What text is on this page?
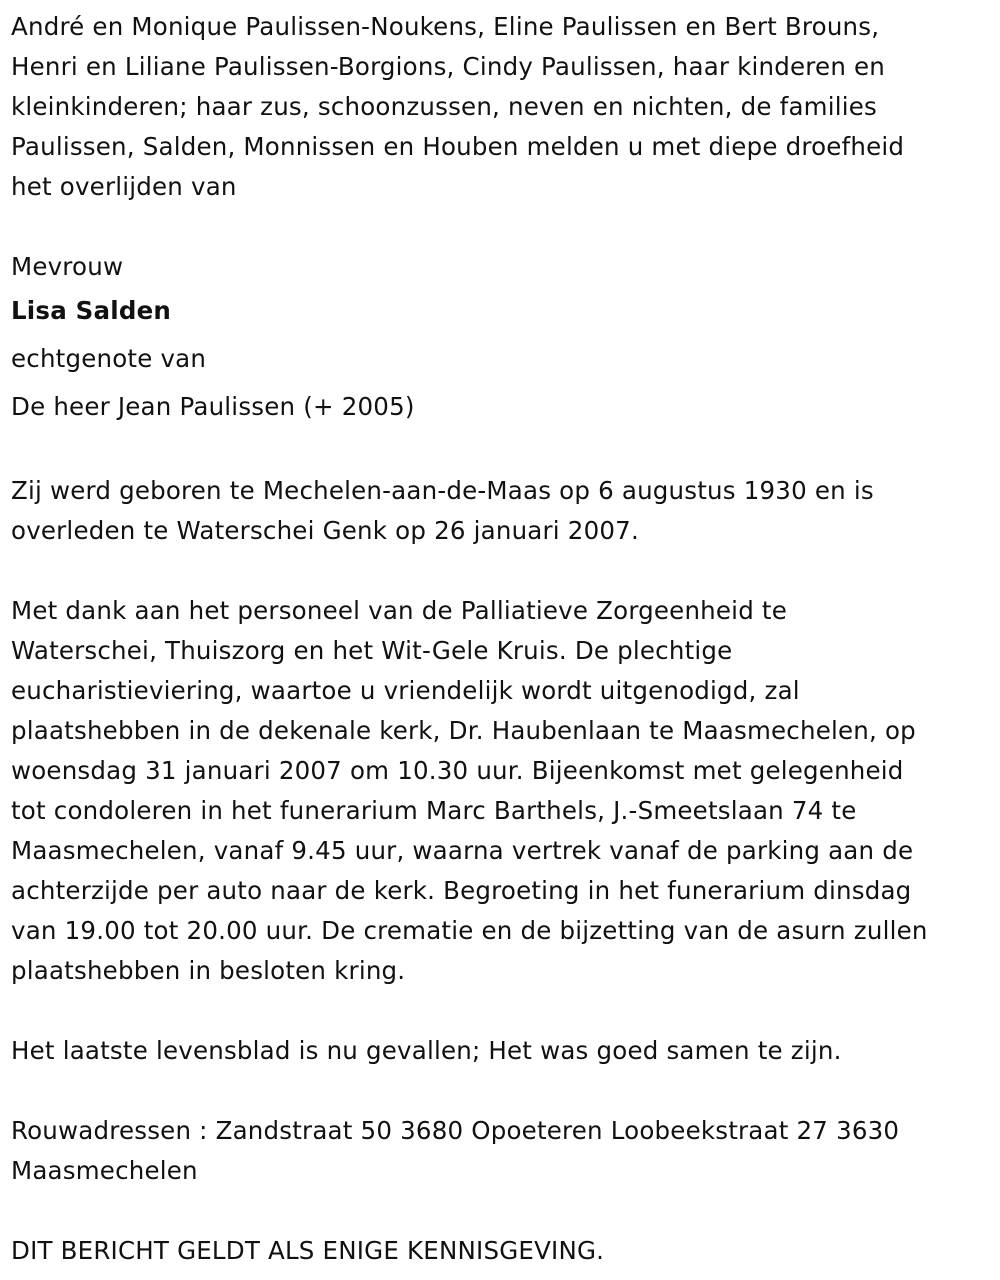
André en Monique Paulissen-Noukens, Eline Paulissen en Bert Brouns,
Henri en Liliane Paulissen-Borgions, Cindy Paulissen, haar kinderen en
kleinkinderen; haar zus, schoonzussen, neven en nichten, de families
Paulissen, Salden, Monnissen en Houben melden u met diepe droefheid
het overlijden van

Mevrouw

Lisa Salden

echtgenote van

De heer Jean Paulissen (+ 2005)

Zij werd geboren te Mechelen-aan-de-Maas op 6 augustus 1930 en is
overleden te Waterschei Genk op 26 januari 2007.

Met dank aan het personeel van de Palliatieve Zorgeenheid te
Waterschei, Thuiszorg en het Wit-Gele Kruis. De plechtige
eucharistieviering, waartoe u vriendelijk wordt uitgenodigd, zal
plaatshebben in de dekenale kerk, Dr. Haubenlaan te Maasmechelen, op
woensdag 31 januari 2007 om 10.30 uur. Bijeenkomst met gelegenheid
tot condoleren in het funerarium Marc Barthels, J.-Smeetslaan 74 te
Maasmechelen, vanaf 9.45 uur, waarna vertrek vanaf de parking aan de
achterzijde per auto naar de kerk. Begroeting in het funerarium dinsdag
van 19.00 tot 20.00 uur. De crematie en de bijzetting van de asurn zullen
plaatshebben in besloten kring.

Het laatste levensblad is nu gevallen; Het was goed samen te zijn.

Rouwadressen : Zandstraat 50 3680 Opoeteren Loobeekstraat 27 3630
Maasmechelen

DIT BERICHT GELDT ALS ENIGE KENNISGEVING.
